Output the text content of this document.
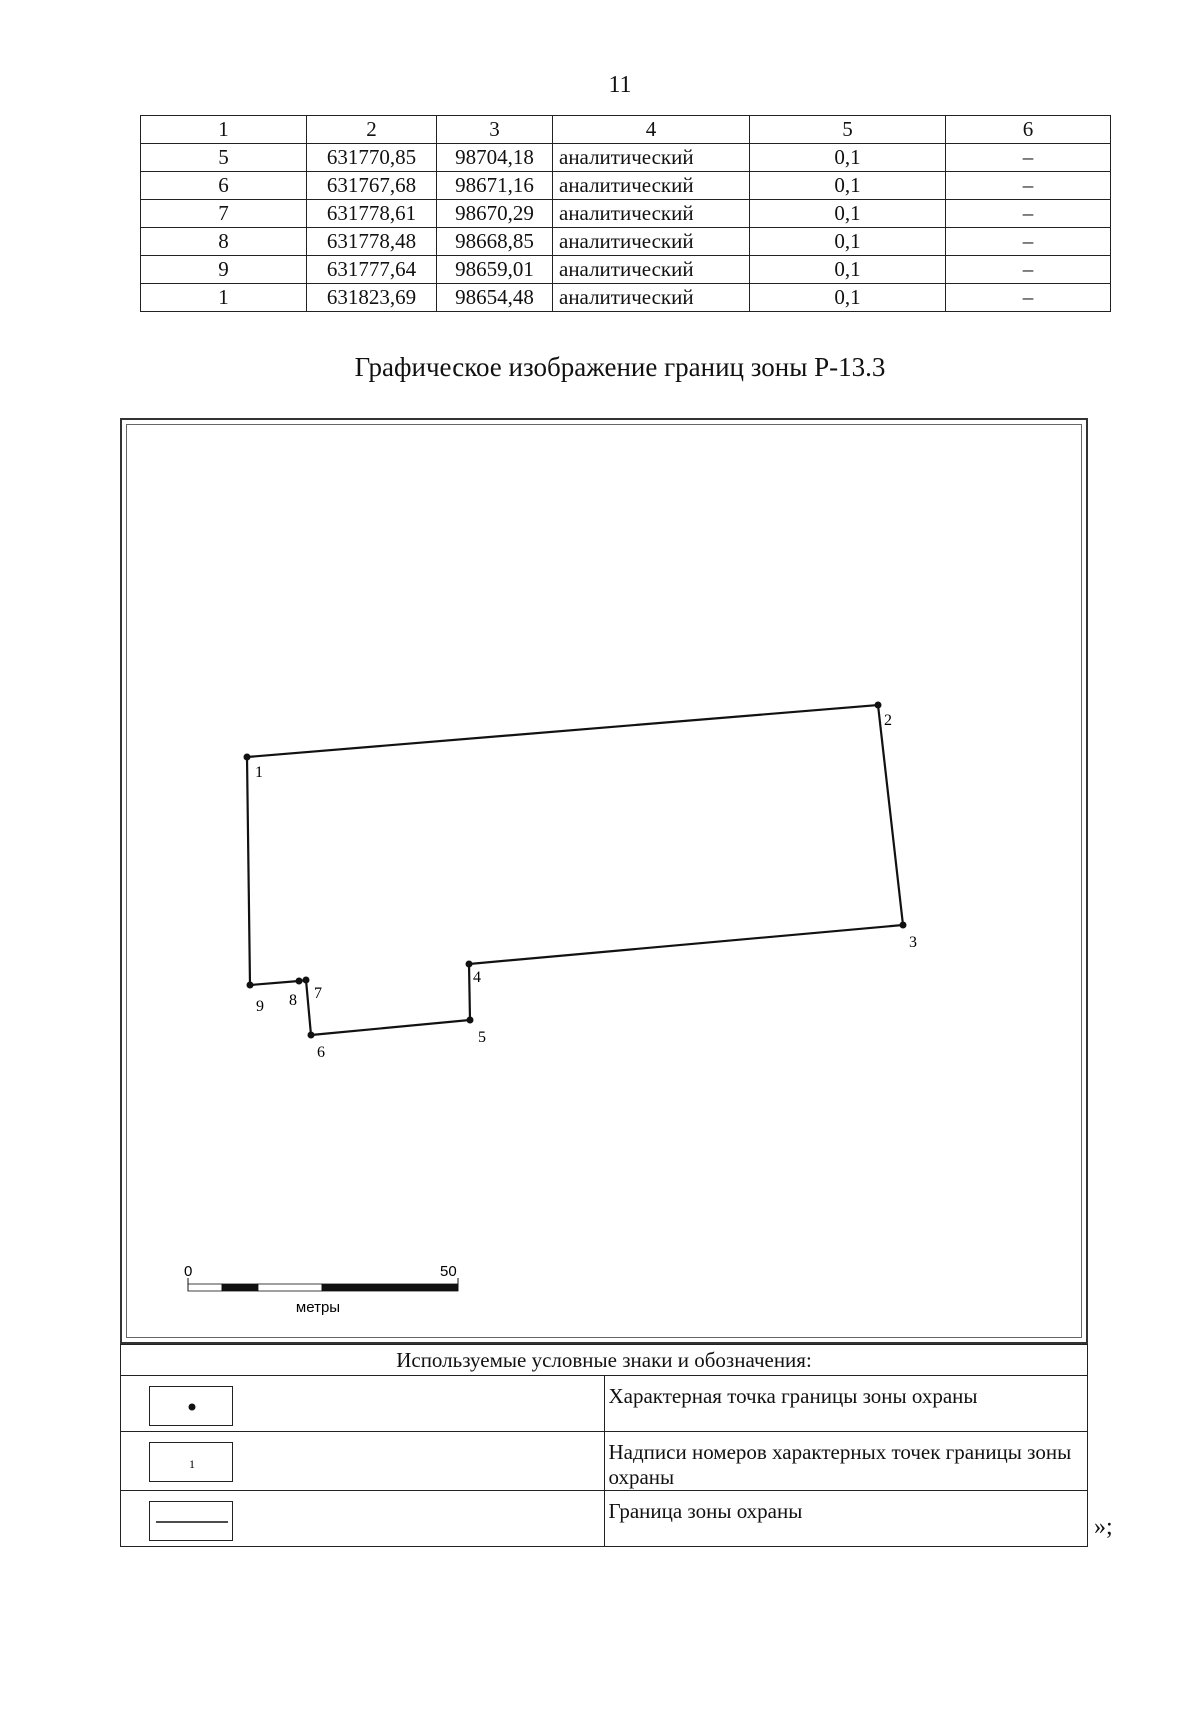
11
1	2	3	4	5	6
5	631770,85	98704,18	аналитический	0,1	–
6	631767,68	98671,16	аналитический	0,1	–
7	631778,61	98670,29	аналитический	0,1	–
8	631778,48	98668,85	аналитический	0,1	–
9	631777,64	98659,01	аналитический	0,1	–
1	631823,69	98654,48	аналитический	0,1	–
Графическое изображение границ зоны Р-13.3
1
2
3
4
5
6
7
8
9
0	50
метры
Используемые условные знаки и обозначения:	

	Характерная точка границы зоны охраны

1	Надписи номеров характерных точек границы зоны охраны

	Граница зоны охраны
»;
